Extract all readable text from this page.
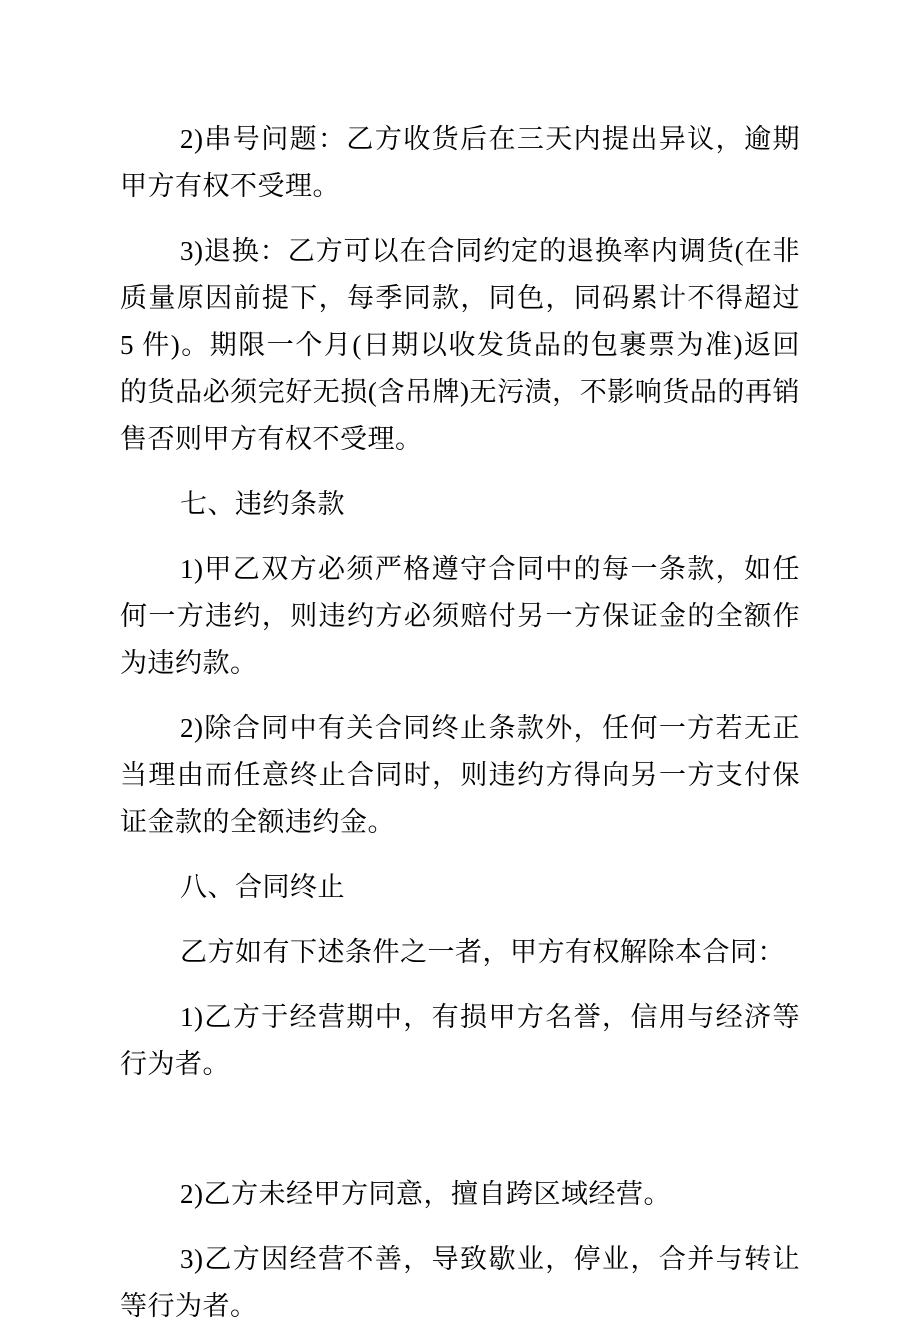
2)串号问题：乙方收货后在三天内提出异议，逾期甲方有权不受理。
3)退换：乙方可以在合同约定的退换率内调货(在非质量原因前提下，每季同款，同色，同码累计不得超过 5 件)。期限一个月(日期以收发货品的包裹票为准)返回的货品必须完好无损(含吊牌)无污渍，不影响货品的再销售否则甲方有权不受理。
七、违约条款
1)甲乙双方必须严格遵守合同中的每一条款，如任何一方违约，则违约方必须赔付另一方保证金的全额作为违约款。
2)除合同中有关合同终止条款外，任何一方若无正当理由而任意终止合同时，则违约方得向另一方支付保证金款的全额违约金。
八、合同终止
乙方如有下述条件之一者，甲方有权解除本合同：
1)乙方于经营期中，有损甲方名誉，信用与经济等行为者。
2)乙方未经甲方同意，擅自跨区域经营。
3)乙方因经营不善，导致歇业，停业，合并与转让等行为者。
